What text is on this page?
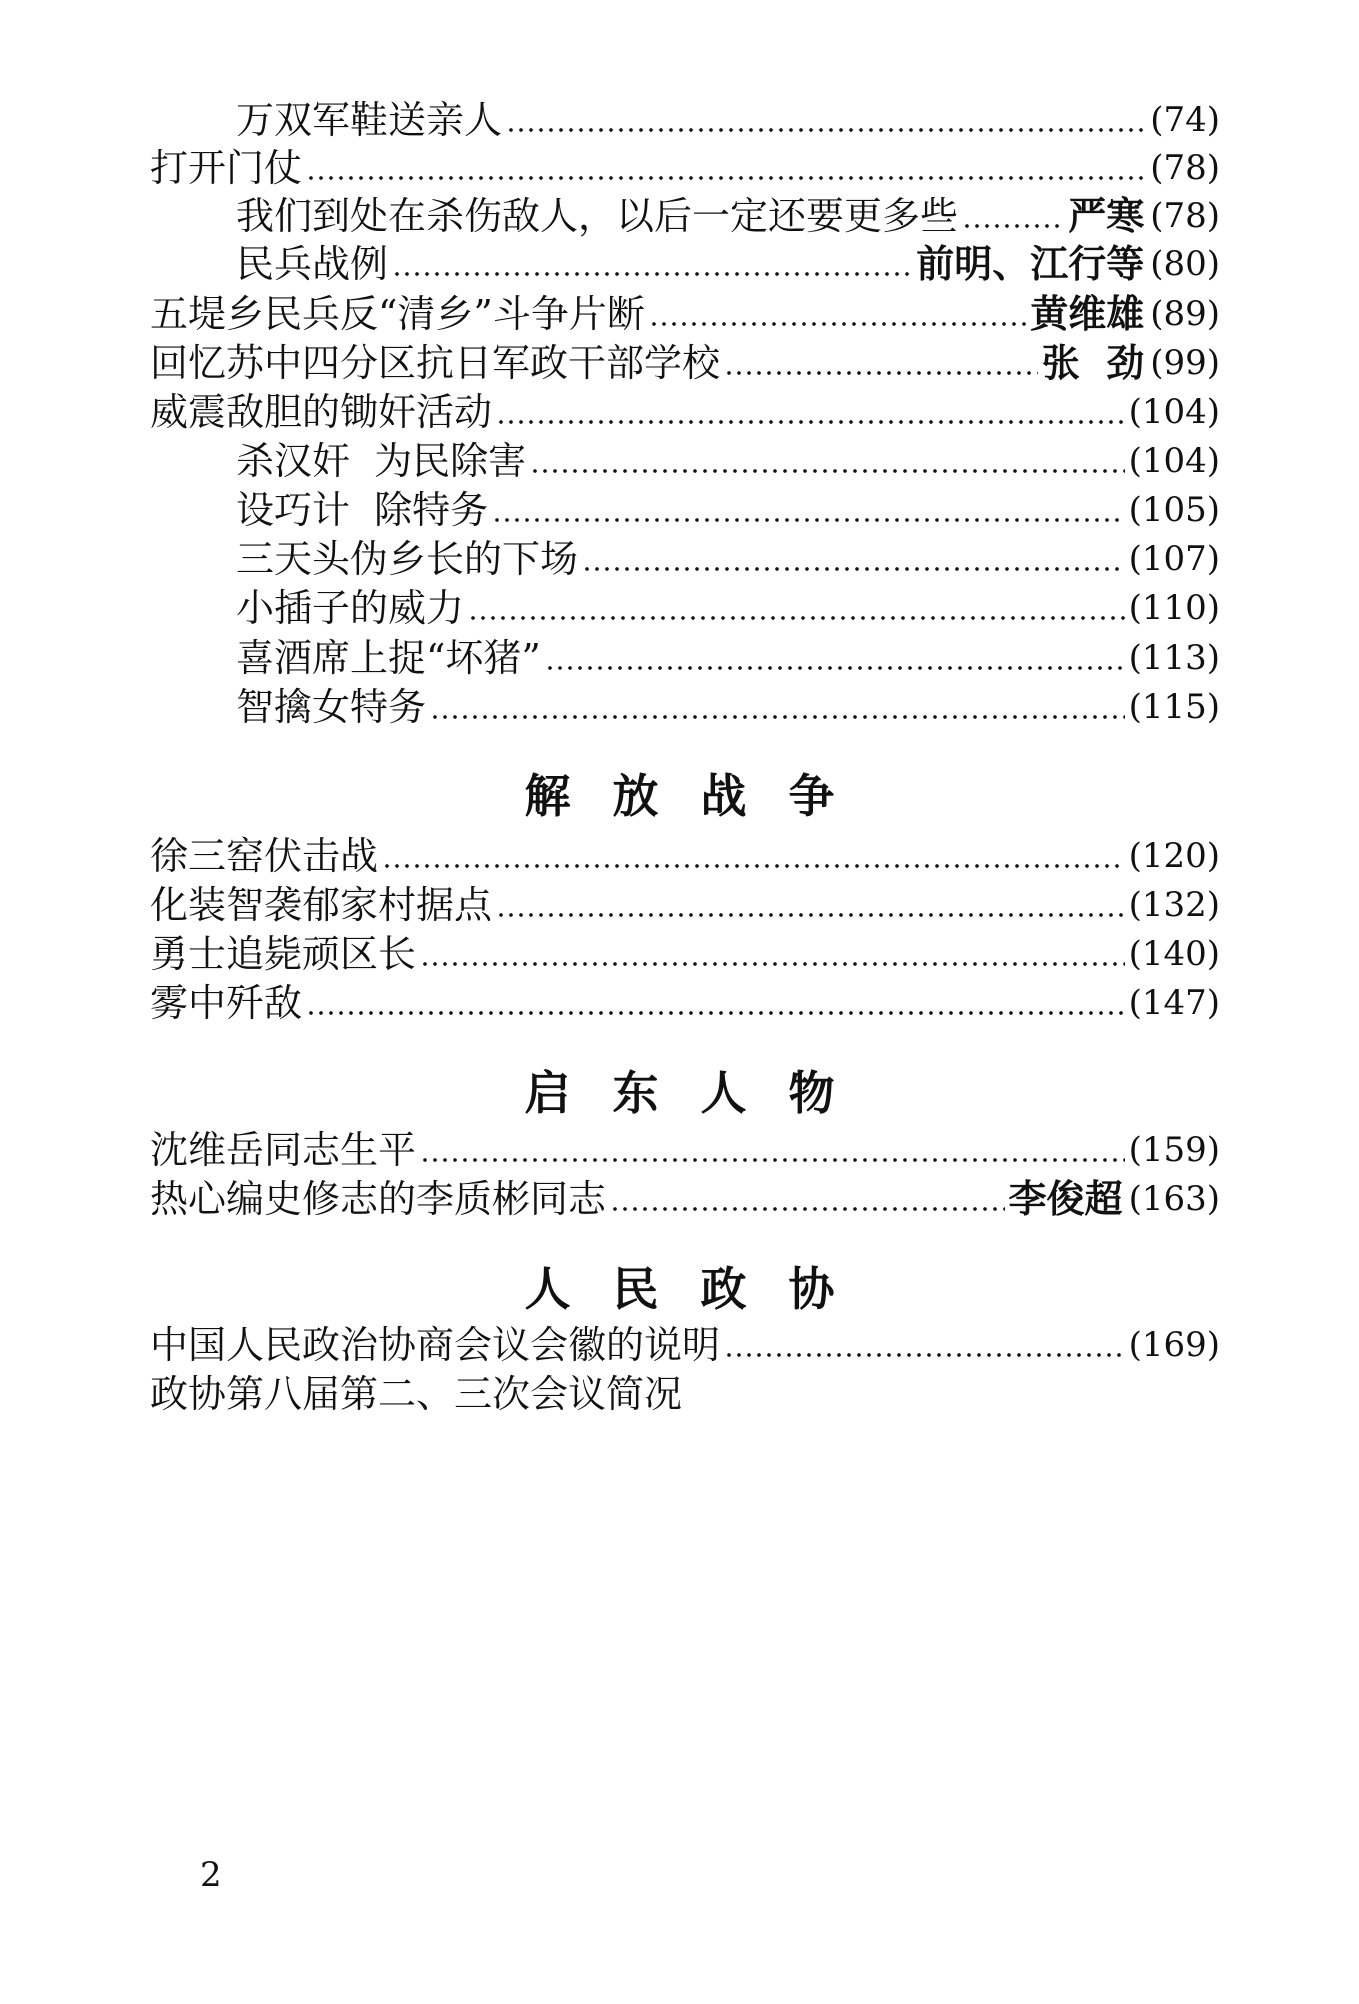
万双军鞋送亲人	(74)
打开门仗	(78)
我们到处在杀伤敌人，以后一定还要更多些	严寒 (78)
民兵战例	前明、江行等 (80)
五堤乡民兵反“清乡”斗争片断	黄维雄 (89)
回忆苏中四分区抗日军政干部学校	张  劲 (99)
威震敌胆的锄奸活动	(104)
杀汉奸  为民除害	(104)
设巧计  除特务	(105)
三天头伪乡长的下场	(107)
小插子的威力	(110)
喜酒席上捉“坏猪”	(113)
智擒女特务	(115)
解放战争
徐三窑伏击战	(120)
化装智袭郁家村据点	(132)
勇士追毙顽区长	(140)
雾中歼敌	(147)
启东人物
沈维岳同志生平	(159)
热心编史修志的李质彬同志	李俊超 (163)
人民政协
中国人民政治协商会议会徽的说明	(169)
政协第八届第二、三次会议简况
2
